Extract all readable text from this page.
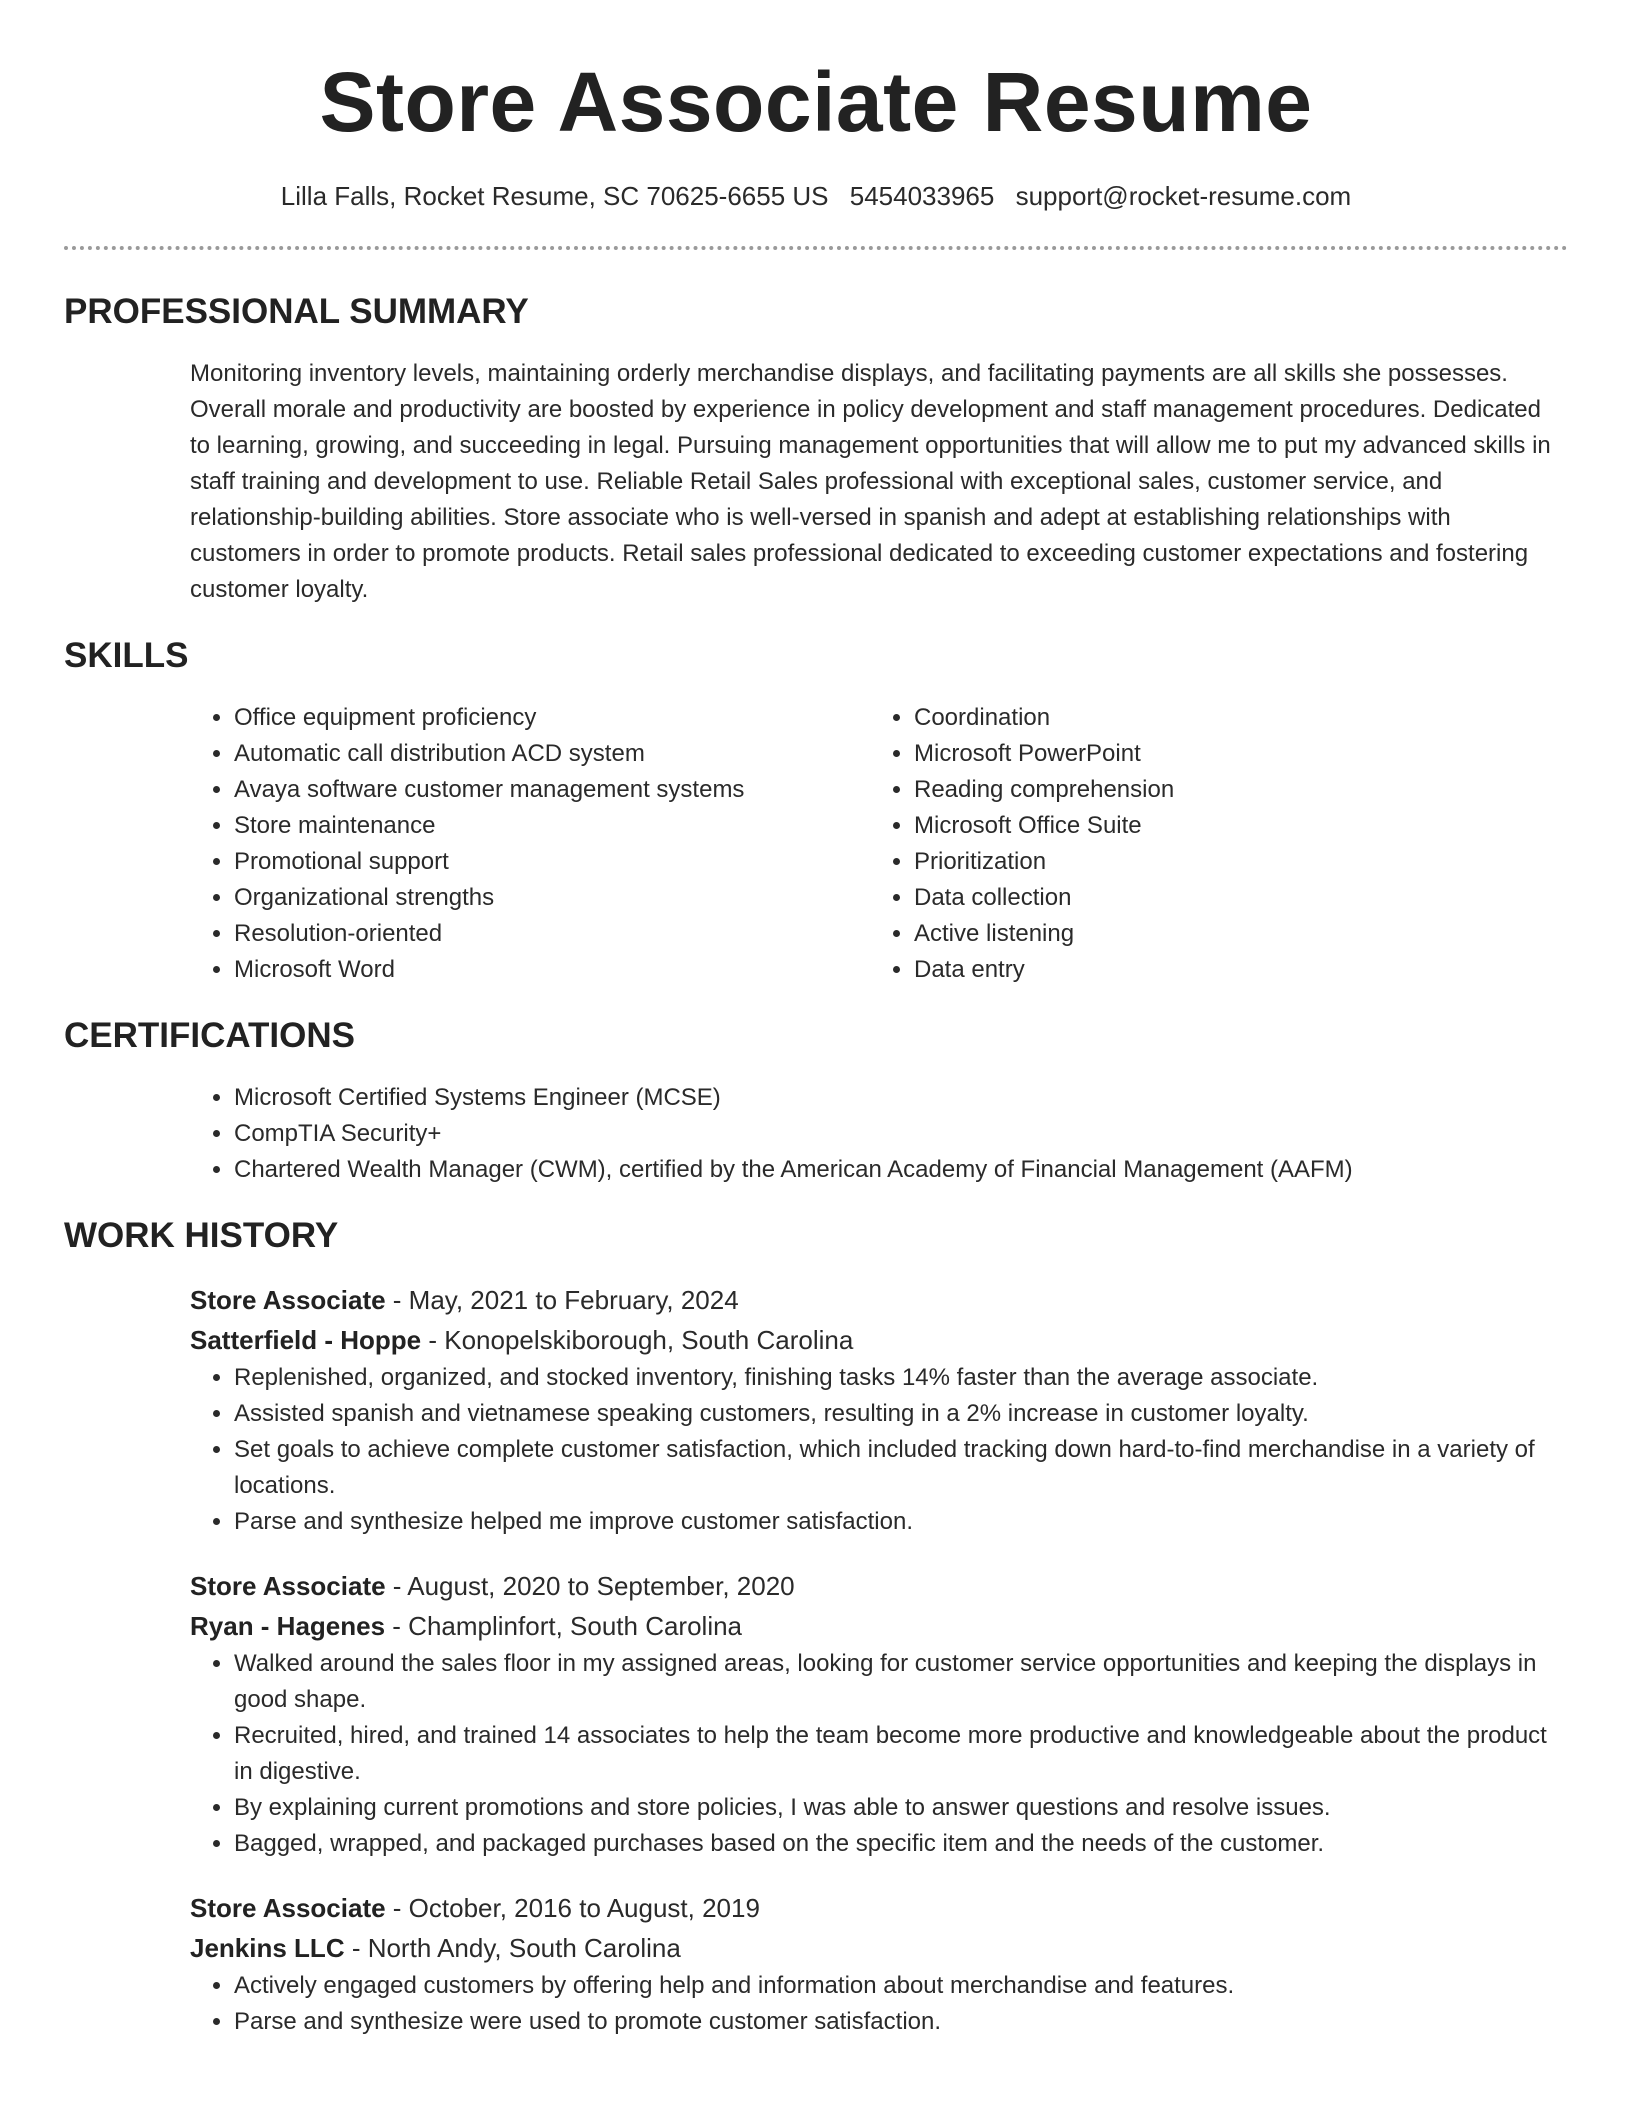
Store Associate Resume
Lilla Falls, Rocket Resume, SC 70625-6655 US 5454033965 support@rocket-resume.com
PROFESSIONAL SUMMARY

Monitoring inventory levels, maintaining orderly merchandise displays, and facilitating payments are all skills she possesses. Overall morale and productivity are boosted by experience in policy development and staff management procedures. Dedicated to learning, growing, and succeeding in legal. Pursuing management opportunities that will allow me to put my advanced skills in staff training and development to use. Reliable Retail Sales professional with exceptional sales, customer service, and relationship-building abilities. Store associate who is well-versed in spanish and adept at establishing relationships with customers in order to promote products. Retail sales professional dedicated to exceeding customer expectations and fostering customer loyalty.

SKILLS
• Office equipment proficiency
• Automatic call distribution ACD system
• Avaya software customer management systems
• Store maintenance
• Promotional support
• Organizational strengths
• Resolution-oriented
• Microsoft Word
• Coordination
• Microsoft PowerPoint
• Reading comprehension
• Microsoft Office Suite
• Prioritization
• Data collection
• Active listening
• Data entry
CERTIFICATIONS
• Microsoft Certified Systems Engineer (MCSE)
• CompTIA Security+
• Chartered Wealth Manager (CWM), certified by the American Academy of Financial Management (AAFM)
WORK HISTORY
Store Associate - May, 2021 to February, 2024
Satterfield - Hoppe - Konopelskiborough, South Carolina
• Replenished, organized, and stocked inventory, finishing tasks 14% faster than the average associate.
• Assisted spanish and vietnamese speaking customers, resulting in a 2% increase in customer loyalty.
• Set goals to achieve complete customer satisfaction, which included tracking down hard-to-find merchandise in a variety of locations.
• Parse and synthesize helped me improve customer satisfaction.
Store Associate - August, 2020 to September, 2020
Ryan - Hagenes - Champlinfort, South Carolina
• Walked around the sales floor in my assigned areas, looking for customer service opportunities and keeping the displays in good shape.
• Recruited, hired, and trained 14 associates to help the team become more productive and knowledgeable about the product in digestive.
• By explaining current promotions and store policies, I was able to answer questions and resolve issues.
• Bagged, wrapped, and packaged purchases based on the specific item and the needs of the customer.
Store Associate - October, 2016 to August, 2019
Jenkins LLC - North Andy, South Carolina
• Actively engaged customers by offering help and information about merchandise and features.
• Parse and synthesize were used to promote customer satisfaction.
